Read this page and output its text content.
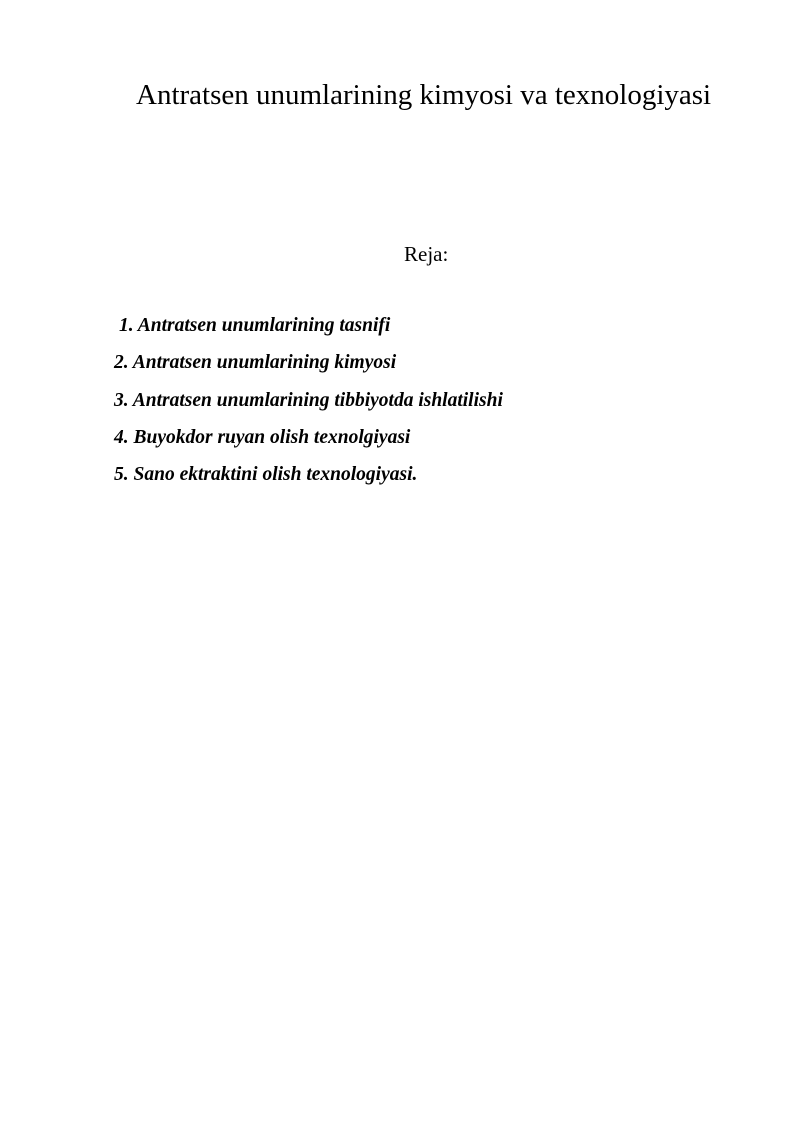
Antratsen unumlarining kimyosi va texnologiyasi
Reja:
1. Antratsen unumlarining tasnifi
2. Antratsen unumlarining kimyosi
3. Antratsen unumlarining tibbiyotda ishlatilishi
4. Buyokdor ruyan olish texnolgiyasi
5. Sano ektraktini olish texnologiyasi.
